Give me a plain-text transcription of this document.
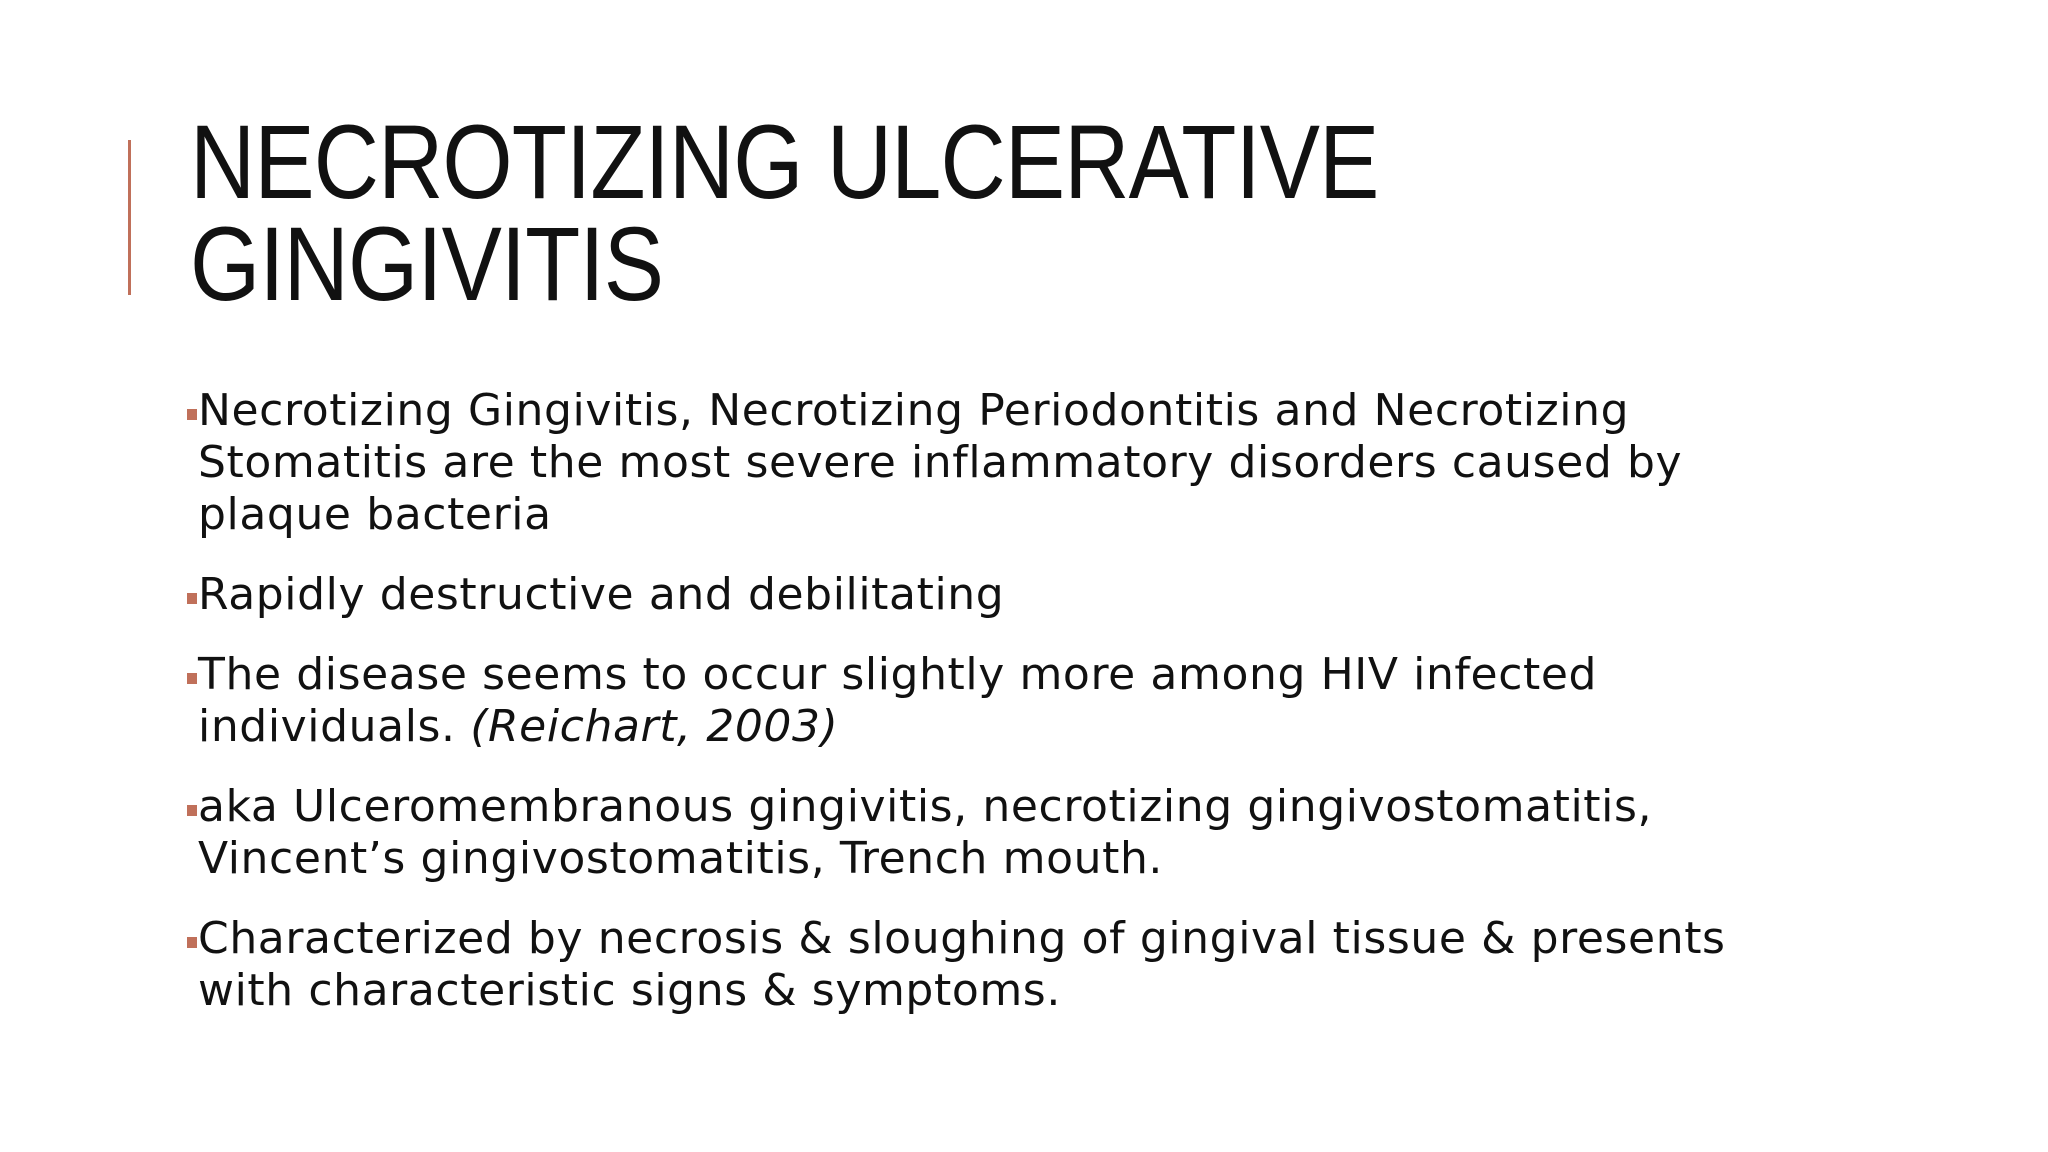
NECROTIZING ULCERATIVE
GINGIVITIS
Necrotizing Gingivitis, Necrotizing Periodontitis and Necrotizing Stomatitis are the most severe inflammatory disorders caused by plaque bacteria
Rapidly destructive and debilitating
The disease seems to occur slightly more among HIV infected individuals. (Reichart, 2003)
aka Ulceromembranous gingivitis, necrotizing gingivostomatitis, Vincent’s gingivostomatitis, Trench mouth.
Characterized by necrosis & sloughing of gingival tissue & presents with characteristic signs & symptoms.
